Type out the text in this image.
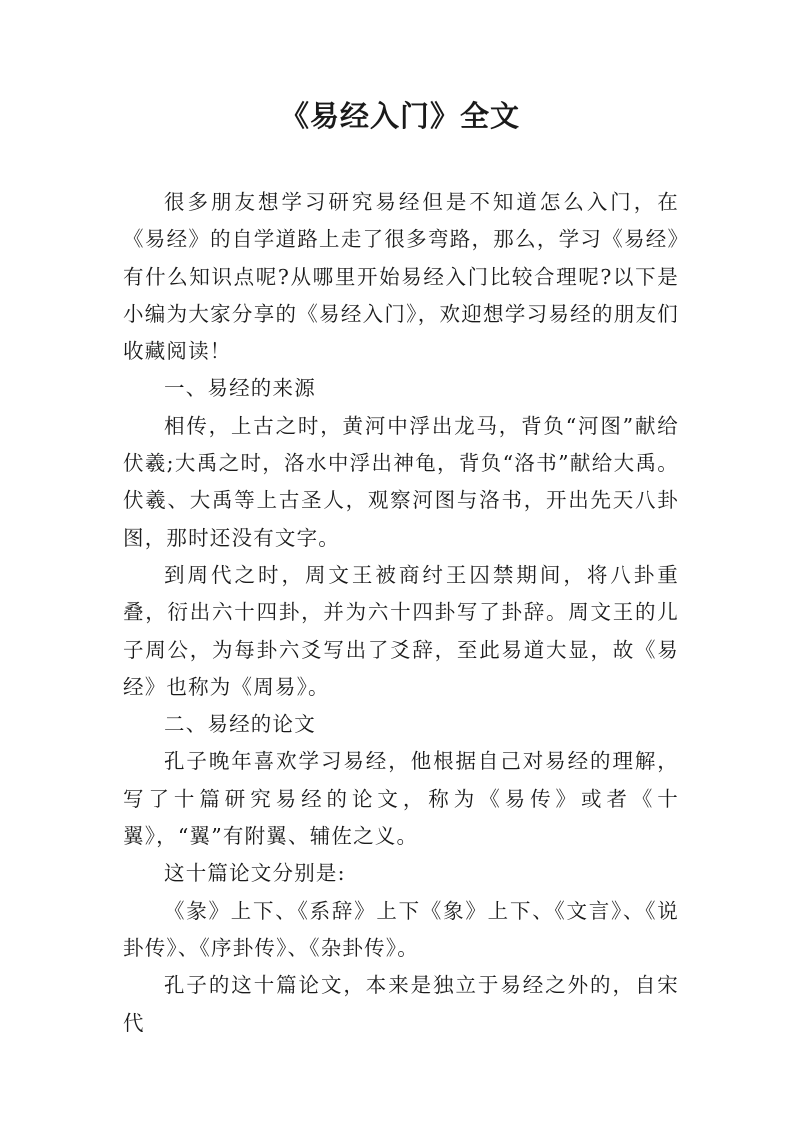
《易经入门》全文

很多朋友想学习研究易经但是不知道怎么入门，在《易经》的自学道路上走了很多弯路，那么，学习《易经》有什么知识点呢?从哪里开始易经入门比较合理呢?以下是小编为大家分享的《易经入门》，欢迎想学习易经的朋友们收藏阅读！

一、易经的来源

相传，上古之时，黄河中浮出龙马，背负“河图”献给伏羲;大禹之时，洛水中浮出神龟，背负“洛书”献给大禹。伏羲、大禹等上古圣人，观察河图与洛书，开出先天八卦图，那时还没有文字。

到周代之时，周文王被商纣王囚禁期间，将八卦重叠，衍出六十四卦，并为六十四卦写了卦辞。周文王的儿子周公，为每卦六爻写出了爻辞，至此易道大显，故《易经》也称为《周易》。

二、易经的论文

孔子晚年喜欢学习易经，他根据自己对易经的理解，写了十篇研究易经的论文，称为《易传》或者《十翼》，“翼”有附翼、辅佐之义。

这十篇论文分别是:

《彖》上下、《系辞》上下《象》上下、《文言》、《说卦传》、《序卦传》、《杂卦传》。

孔子的这十篇论文，本来是独立于易经之外的，自宋代
